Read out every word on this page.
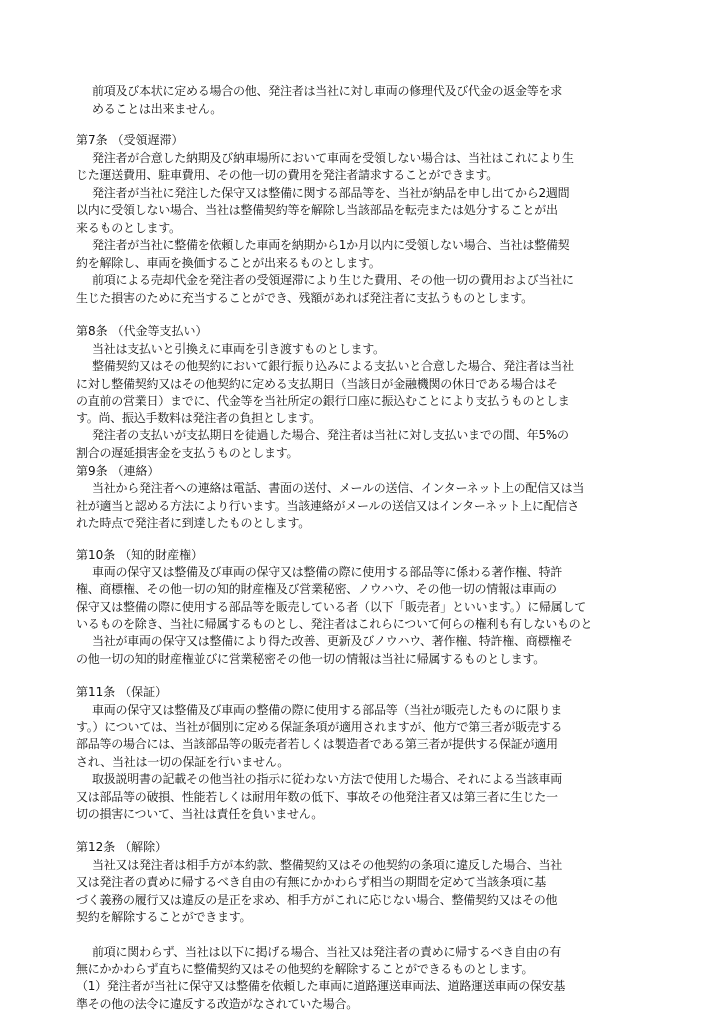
前項及び本状に定める場合の他、発注者は当社に対し車両の修理代及び代金の返金等を求
めることは出来ません。
第7条 （受領遅滞）
発注者が合意した納期及び納車場所において車両を受領しない場合は、当社はこれにより生
じた運送費用、駐車費用、その他一切の費用を発注者請求することができます。
発注者が当社に発注した保守又は整備に関する部品等を、当社が納品を申し出てから2週間
以内に受領しない場合、当社は整備契約等を解除し当該部品を転売または処分することが出
来るものとします。
発注者が当社に整備を依頼した車両を納期から1か月以内に受領しない場合、当社は整備契
約を解除し、車両を換価することが出来るものとします。
前項による売却代金を発注者の受領遅滞により生じた費用、その他一切の費用および当社に
生じた損害のために充当することができ、残額があれば発注者に支払うものとします。
第8条 （代金等支払い）
当社は支払いと引換えに車両を引き渡すものとします。
整備契約又はその他契約において銀行振り込みによる支払いと合意した場合、発注者は当社
に対し整備契約又はその他契約に定める支払期日（当該日が金融機関の休日である場合はそ
の直前の営業日）までに、代金等を当社所定の銀行口座に振込むことにより支払うものとしま
す。尚、振込手数料は発注者の負担とします。
発注者の支払いが支払期日を徒過した場合、発注者は当社に対し支払いまでの間、年5%の
割合の遅延損害金を支払うものとします。
第9条 （連絡）
当社から発注者への連絡は電話、書面の送付、メールの送信、インターネット上の配信又は当
社が適当と認める方法により行います。当該連絡がメールの送信又はインターネット上に配信さ
れた時点で発注者に到達したものとします。
第10条 （知的財産権）
車両の保守又は整備及び車両の保守又は整備の際に使用する部品等に係わる著作権、特許
権、商標権、その他一切の知的財産権及び営業秘密、ノウハウ、その他一切の情報は車両の
保守又は整備の際に使用する部品等を販売している者（以下「販売者」といいます。）に帰属して
いるものを除き、当社に帰属するものとし、発注者はこれらについて何らの権利も有しないものと
当社が車両の保守又は整備により得た改善、更新及びノウハウ、著作権、特許権、商標権そ
の他一切の知的財産権並びに営業秘密その他一切の情報は当社に帰属するものとします。
第11条 （保証）
車両の保守又は整備及び車両の整備の際に使用する部品等（当社が販売したものに限りま
す。）については、当社が個別に定める保証条項が適用されますが、他方で第三者が販売する
部品等の場合には、当該部品等の販売者若しくは製造者である第三者が提供する保証が適用
され、当社は一切の保証を行いません。
取扱説明書の記載その他当社の指示に従わない方法で使用した場合、それによる当該車両
又は部品等の破損、性能若しくは耐用年数の低下、事故その他発注者又は第三者に生じた一
切の損害について、当社は責任を負いません。
第12条 （解除）
当社又は発注者は相手方が本約款、整備契約又はその他契約の条項に違反した場合、当社
又は発注者の責めに帰するべき自由の有無にかかわらず相当の期間を定めて当該条項に基
づく義務の履行又は違反の是正を求め、相手方がこれに応じない場合、整備契約又はその他
契約を解除することができます。
前項に関わらず、当社は以下に掲げる場合、当社又は発注者の責めに帰するべき自由の有
無にかかわらず直ちに整備契約又はその他契約を解除することができるものとします。
（1）発注者が当社に保守又は整備を依頼した車両に道路運送車両法、道路運送車両の保安基
準その他の法令に違反する改造がなされていた場合。
